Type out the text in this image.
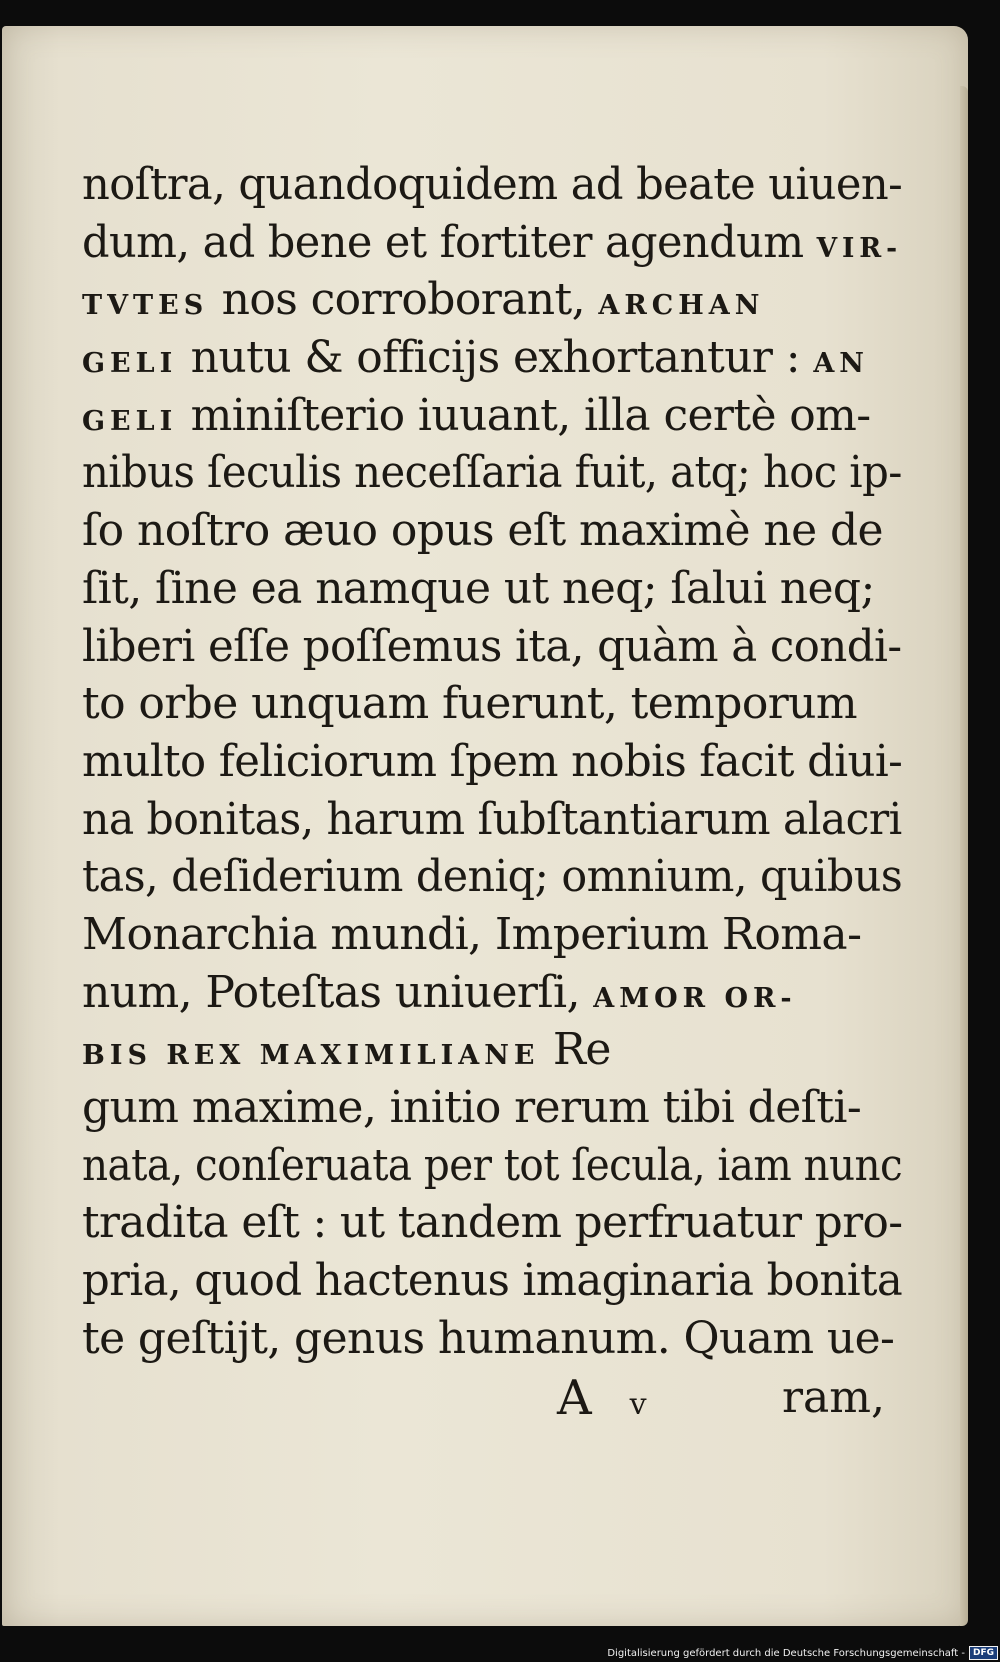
noſtra, quandoquidem ad beate uiuen-
dum, ad bene et fortiter agendum VIR-
TVTES nos corroborant, ARCHAN
GELI nutu & officijs exhortantur : AN
GELI miniſterio iuuant, illa certè om-
nibus ſeculis neceſſaria fuit, atq; hoc ip-
ſo noſtro æuo opus eſt maximè ne de
ſit, ſine ea namque ut neq; ſalui neq;
liberi eſſe poſſemus ita, quàm à condi-
to orbe unquam fuerunt, temporum
multo feliciorum ſpem nobis facit diui-
na bonitas, harum ſubſtantiarum alacri
tas, deſiderium deniq; omnium, quibus
Monarchia mundi, Imperium Roma-
num, Poteſtas uniuerſi, AMOR OR-
BIS REX MAXIMILIANE Re
gum maxime, initio rerum tibi deſti-
nata, conſeruata per tot ſecula, iam nunc
tradita eſt : ut tandem perfruatur pro-
pria, quod hactenus imaginaria bonita
te geſtijt, genus humanum. Quam ue-
A v	ram,
Digitalisierung gefördert durch die Deutsche Forschungsgemeinschaft - DFG
